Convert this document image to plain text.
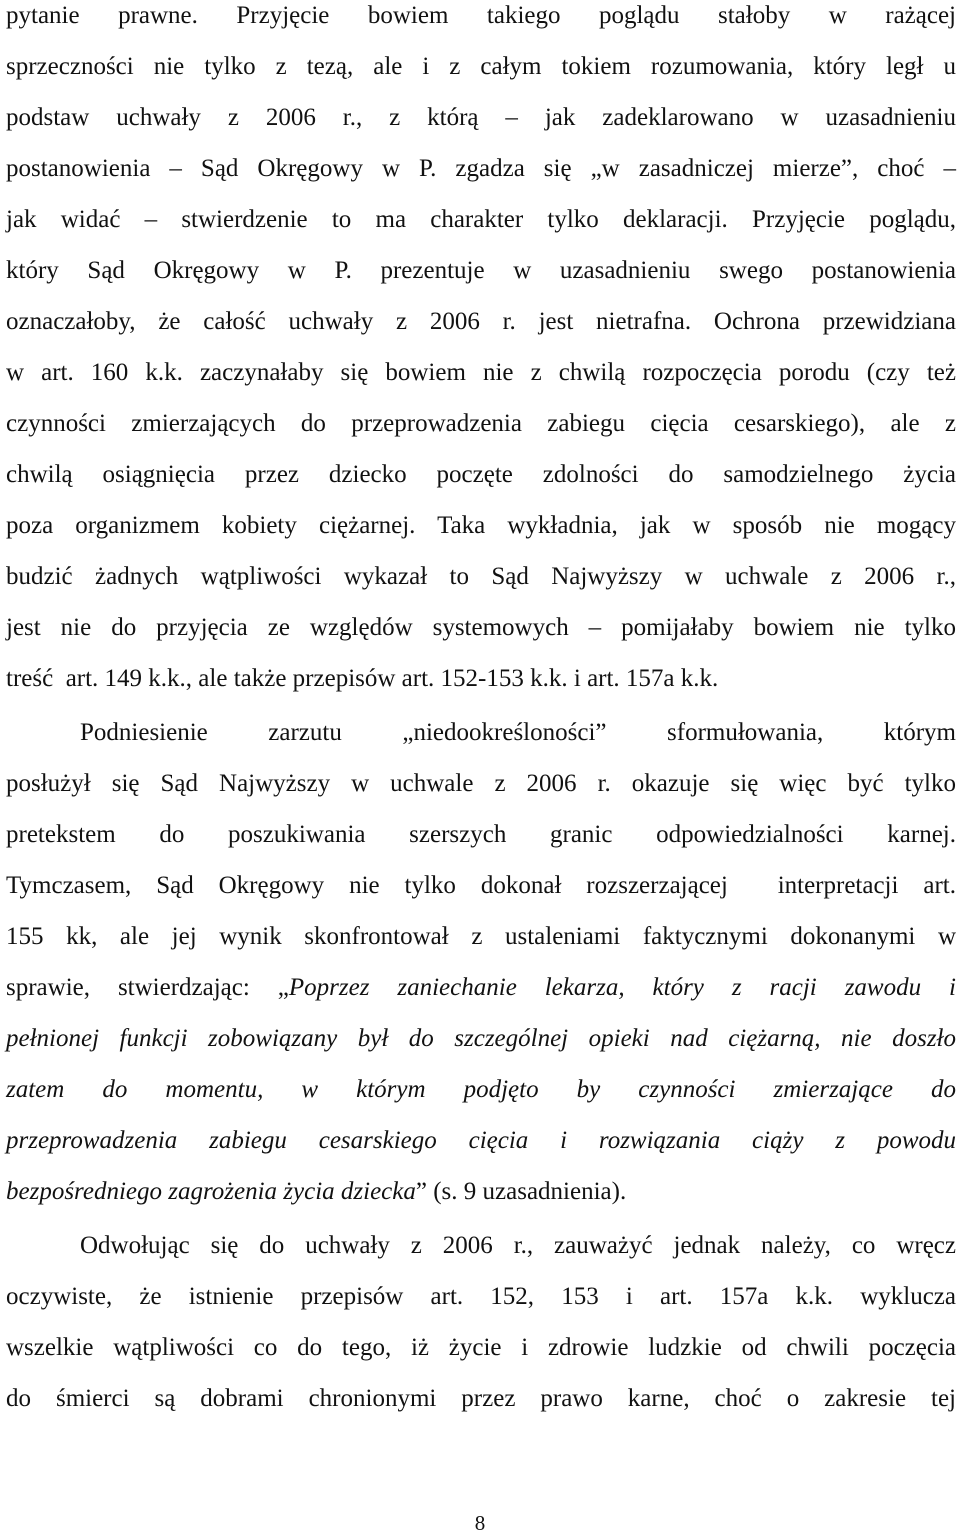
8
pytanie prawne. Przyjęcie bowiem takiego poglądu stałoby w rażącej
sprzeczności nie tylko z tezą, ale i z całym tokiem rozumowania, który legł u
podstaw uchwały z 2006 r., z którą – jak zadeklarowano w uzasadnieniu
postanowienia – Sąd Okręgowy w P. zgadza się „w zasadniczej mierze”, choć –
jak widać – stwierdzenie to ma charakter tylko deklaracji. Przyjęcie poglądu,
który Sąd Okręgowy w P. prezentuje w uzasadnieniu swego postanowienia
oznaczałoby, że całość uchwały z 2006 r. jest nietrafna. Ochrona przewidziana
w art. 160 k.k. zaczynałaby się bowiem nie z chwilą rozpoczęcia porodu (czy też
czynności zmierzających do przeprowadzenia zabiegu cięcia cesarskiego), ale z
chwilą osiągnięcia przez dziecko poczęte zdolności do samodzielnego życia
poza organizmem kobiety ciężarnej. Taka wykładnia, jak w sposób nie mogący
budzić żadnych wątpliwości wykazał to Sąd Najwyższy w uchwale z 2006 r.,
jest nie do przyjęcia ze względów systemowych – pomijałaby bowiem nie tylko
treść  art. 149 k.k., ale także przepisów art. 152-153 k.k. i art. 157a k.k.
Podniesienie zarzutu „niedookreśloności” sformułowania, którym
posłużył się Sąd Najwyższy w uchwale z 2006 r. okazuje się więc być tylko
pretekstem do poszukiwania szerszych granic odpowiedzialności karnej.
Tymczasem, Sąd Okręgowy nie tylko dokonał rozszerzającej  interpretacji art.
155 kk, ale jej wynik skonfrontował z ustaleniami faktycznymi dokonanymi w
sprawie, stwierdzając: „Poprzez zaniechanie lekarza, który z racji zawodu i
pełnionej funkcji zobowiązany był do szczególnej opieki nad ciężarną, nie doszło
zatem do momentu, w którym podjęto by czynności zmierzające do
przeprowadzenia zabiegu cesarskiego cięcia i rozwiązania ciąży z powodu
bezpośredniego zagrożenia życia dziecka” (s. 9 uzasadnienia).
Odwołując się do uchwały z 2006 r., zauważyć jednak należy, co wręcz
oczywiste, że istnienie przepisów art. 152, 153 i art. 157a k.k. wyklucza
wszelkie wątpliwości co do tego, iż życie i zdrowie ludzkie od chwili poczęcia
do śmierci są dobrami chronionymi przez prawo karne, choć o zakresie tej
